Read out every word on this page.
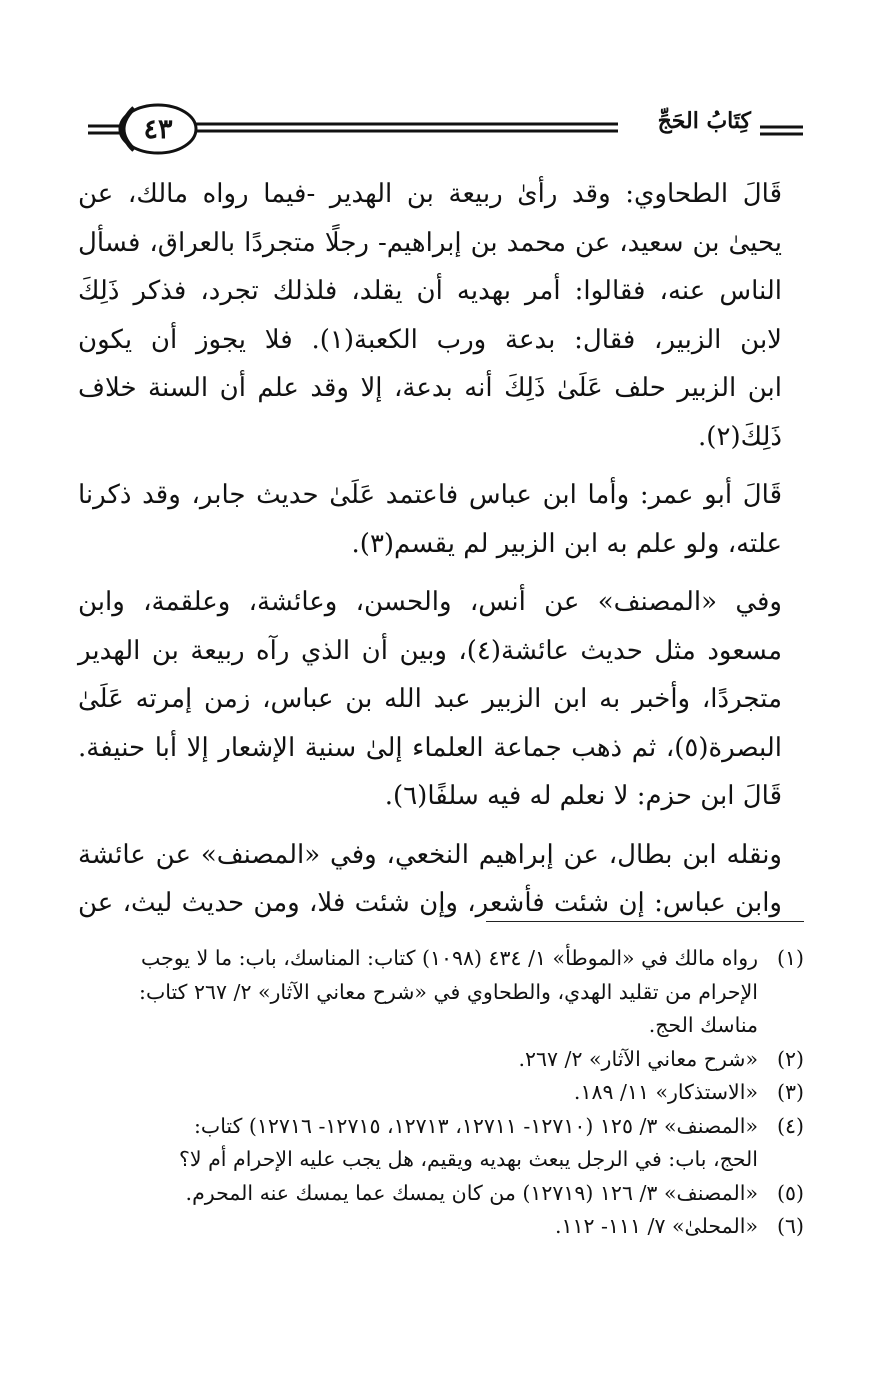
٤٣	كِتَابُ الحَجِّ

قَالَ الطحاوي: وقد رأىٰ ربيعة بن الهدير -فيما رواه مالك، عن
يحيىٰ بن سعيد، عن محمد بن إبراهيم- رجلًا متجردًا بالعراق، فسأل
الناس عنه، فقالوا: أمر بهديه أن يقلد، فلذلك تجرد، فذكر ذَلِكَ
لابن الزبير، فقال: بدعة ورب الكعبة(١). فلا يجوز أن يكون
ابن الزبير حلف عَلَىٰ ذَلِكَ أنه بدعة، إلا وقد علم أن السنة خلاف
ذَلِكَ(٢).

قَالَ أبو عمر: وأما ابن عباس فاعتمد عَلَىٰ حديث جابر، وقد ذكرنا
علته، ولو علم به ابن الزبير لم يقسم(٣).

وفي «المصنف» عن أنس، والحسن، وعائشة، وعلقمة، وابن
مسعود مثل حديث عائشة(٤)، وبين أن الذي رآه ربيعة بن الهدير
متجردًا، وأخبر به ابن الزبير عبد الله بن عباس، زمن إمرته عَلَىٰ
البصرة(٥)، ثم ذهب جماعة العلماء إلىٰ سنية الإشعار إلا أبا حنيفة.
قَالَ ابن حزم: لا نعلم له فيه سلفًا(٦).

ونقله ابن بطال، عن إبراهيم النخعي، وفي «المصنف» عن عائشة
وابن عباس: إن شئت فأشعر، وإن شئت فلا، ومن حديث ليث، عن

(١)
رواه مالك في «الموطأ» ١/ ٤٣٤ (١٠٩٨) كتاب: المناسك، باب: ما لا يوجب
الإحرام من تقليد الهدي، والطحاوي في «شرح معاني الآثار» ٢/ ٢٦٧ كتاب:
مناسك الحج.
(٢)
«شرح معاني الآثار» ٢/ ٢٦٧.
(٣)
«الاستذكار» ١١/ ١٨٩.
(٤)
«المصنف» ٣/ ١٢٥ (١٢٧١٠- ١٢٧١١، ١٢٧١٣، ١٢٧١٥- ١٢٧١٦) كتاب:
الحج، باب: في الرجل يبعث بهديه ويقيم، هل يجب عليه الإحرام أم لا؟
(٥)
«المصنف» ٣/ ١٢٦ (١٢٧١٩) من كان يمسك عما يمسك عنه المحرم.
(٦)
«المحلىٰ» ٧/ ١١١- ١١٢.
